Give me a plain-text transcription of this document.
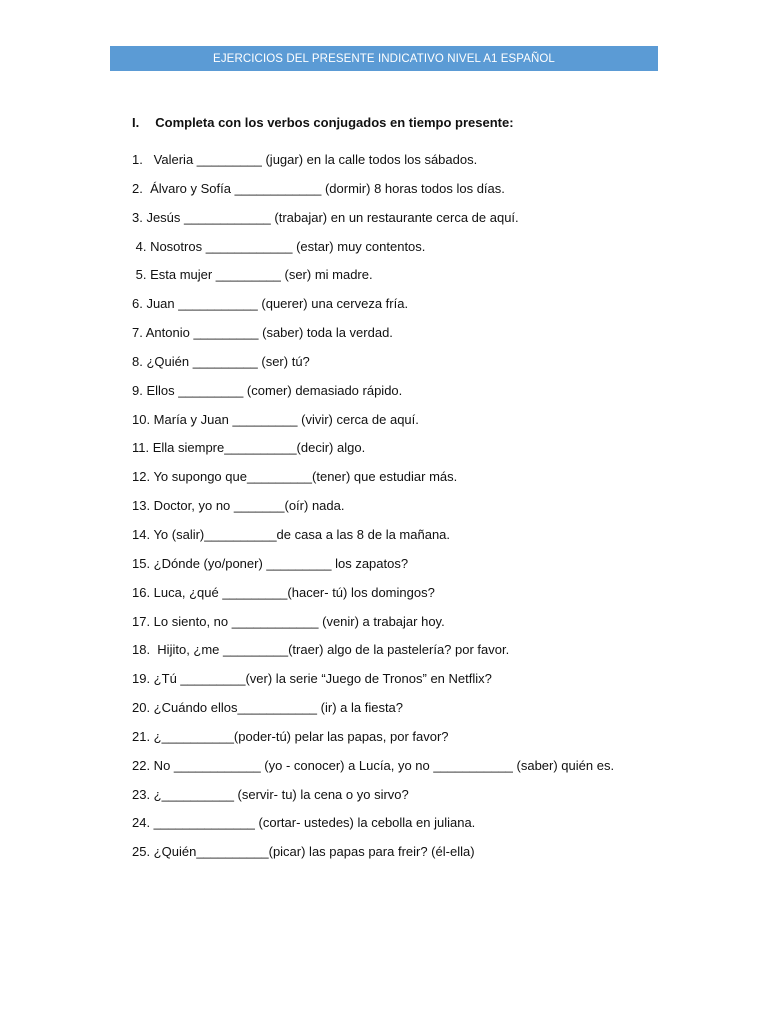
EJERCICIOS DEL PRESENTE INDICATIVO NIVEL A1 ESPAÑOL
I. Completa con los verbos conjugados en tiempo presente:
1.   Valeria _________ (jugar) en la calle todos los sábados.
2.  Álvaro y Sofía ____________ (dormir) 8 horas todos los días.
3. Jesús ____________ (trabajar) en un restaurante cerca de aquí.
4. Nosotros ____________ (estar) muy contentos.
5. Esta mujer _________ (ser) mi madre.
6. Juan ___________ (querer) una cerveza fría.
7. Antonio _________ (saber) toda la verdad.
8. ¿Quién _________ (ser) tú?
9. Ellos _________ (comer) demasiado rápido.
10. María y Juan _________ (vivir) cerca de aquí.
11. Ella siempre__________(decir) algo.
12. Yo supongo que_________(tener) que estudiar más.
13. Doctor, yo no _______(oír) nada.
14. Yo (salir)__________de casa a las 8 de la mañana.
15. ¿Dónde (yo/poner) _________ los zapatos?
16. Luca, ¿qué _________(hacer- tú) los domingos?
17. Lo siento, no ____________ (venir) a trabajar hoy.
18.  Hijito, ¿me _________(traer) algo de la pastelería? por favor.
19. ¿Tú _________(ver) la serie “Juego de Tronos” en Netflix?
20. ¿Cuándo ellos___________ (ir) a la fiesta?
21. ¿__________(poder-tú) pelar las papas, por favor?
22. No ____________ (yo - conocer) a Lucía, yo no ___________ (saber) quién es.
23. ¿__________ (servir- tu) la cena o yo sirvo?
24. ______________ (cortar- ustedes) la cebolla en juliana.
25. ¿Quién__________(picar) las papas para freir? (él-ella)
